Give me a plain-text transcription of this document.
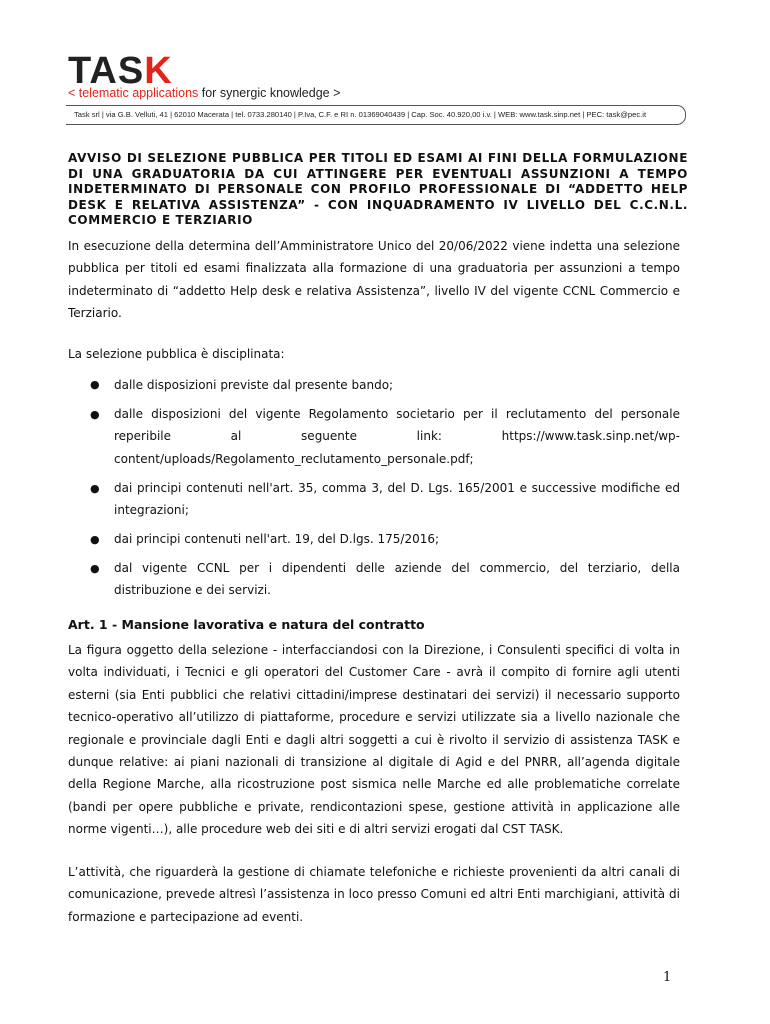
TASK
< telematic applications for synergic knowledge >
Task srl | via G.B. Velluti, 41 | 62010 Macerata | tel. 0733.280140 | P.Iva, C.F. e RI n. 01369040439 | Cap. Soc. 40.920,00 i.v. | WEB: www.task.sinp.net | PEC: task@pec.it

AVVISO DI SELEZIONE PUBBLICA PER TITOLI ED ESAMI AI FINI DELLA FORMULAZIONE DI UNA GRADUATORIA DA CUI ATTINGERE PER EVENTUALI ASSUNZIONI A TEMPO INDETERMINATO DI PERSONALE CON PROFILO PROFESSIONALE DI “ADDETTO HELP DESK E RELATIVA ASSISTENZA” - CON INQUADRAMENTO IV LIVELLO DEL C.C.N.L. COMMERCIO E TERZIARIO

In esecuzione della determina dell’Amministratore Unico del 20/06/2022 viene indetta una selezione pubblica per titoli ed esami finalizzata alla formazione di una graduatoria per assunzioni a tempo indeterminato di “addetto Help desk e relativa Assistenza”, livello IV del vigente CCNL Commercio e Terziario.

La selezione pubblica è disciplinata:

● dalle disposizioni previste dal presente bando;

● dalle disposizioni del vigente Regolamento societario per il reclutamento del personale reperibile al seguente link: https://www.task.sinp.net/wp-content/uploads/Regolamento_reclutamento_personale.pdf;

● dai principi contenuti nell'art. 35, comma 3, del D. Lgs. 165/2001 e successive modifiche ed integrazioni;

● dai principi contenuti nell'art. 19, del D.lgs. 175/2016;

● dal vigente CCNL per i dipendenti delle aziende del commercio, del terziario, della distribuzione e dei servizi.

Art. 1 - Mansione lavorativa e natura del contratto

La figura oggetto della selezione - interfacciandosi con la Direzione, i Consulenti specifici di volta in volta individuati, i Tecnici e gli operatori del Customer Care - avrà il compito di fornire agli utenti esterni (sia Enti pubblici che relativi cittadini/imprese destinatari dei servizi) il necessario supporto tecnico-operativo all’utilizzo di piattaforme, procedure e servizi utilizzate sia a livello nazionale che regionale e provinciale dagli Enti e dagli altri soggetti a cui è rivolto il servizio di assistenza TASK e dunque relative: ai piani nazionali di transizione al digitale di Agid e del PNRR, all’agenda digitale della Regione Marche, alla ricostruzione post sismica nelle Marche ed alle problematiche correlate (bandi per opere pubbliche e private, rendicontazioni spese, gestione attività in applicazione alle norme vigenti…), alle procedure web dei siti e di altri servizi erogati dal CST TASK.

L’attività, che riguarderà la gestione di chiamate telefoniche e richieste provenienti da altri canali di comunicazione, prevede altresì l’assistenza in loco presso Comuni ed altri Enti marchigiani, attività di formazione e partecipazione ad eventi.

1
